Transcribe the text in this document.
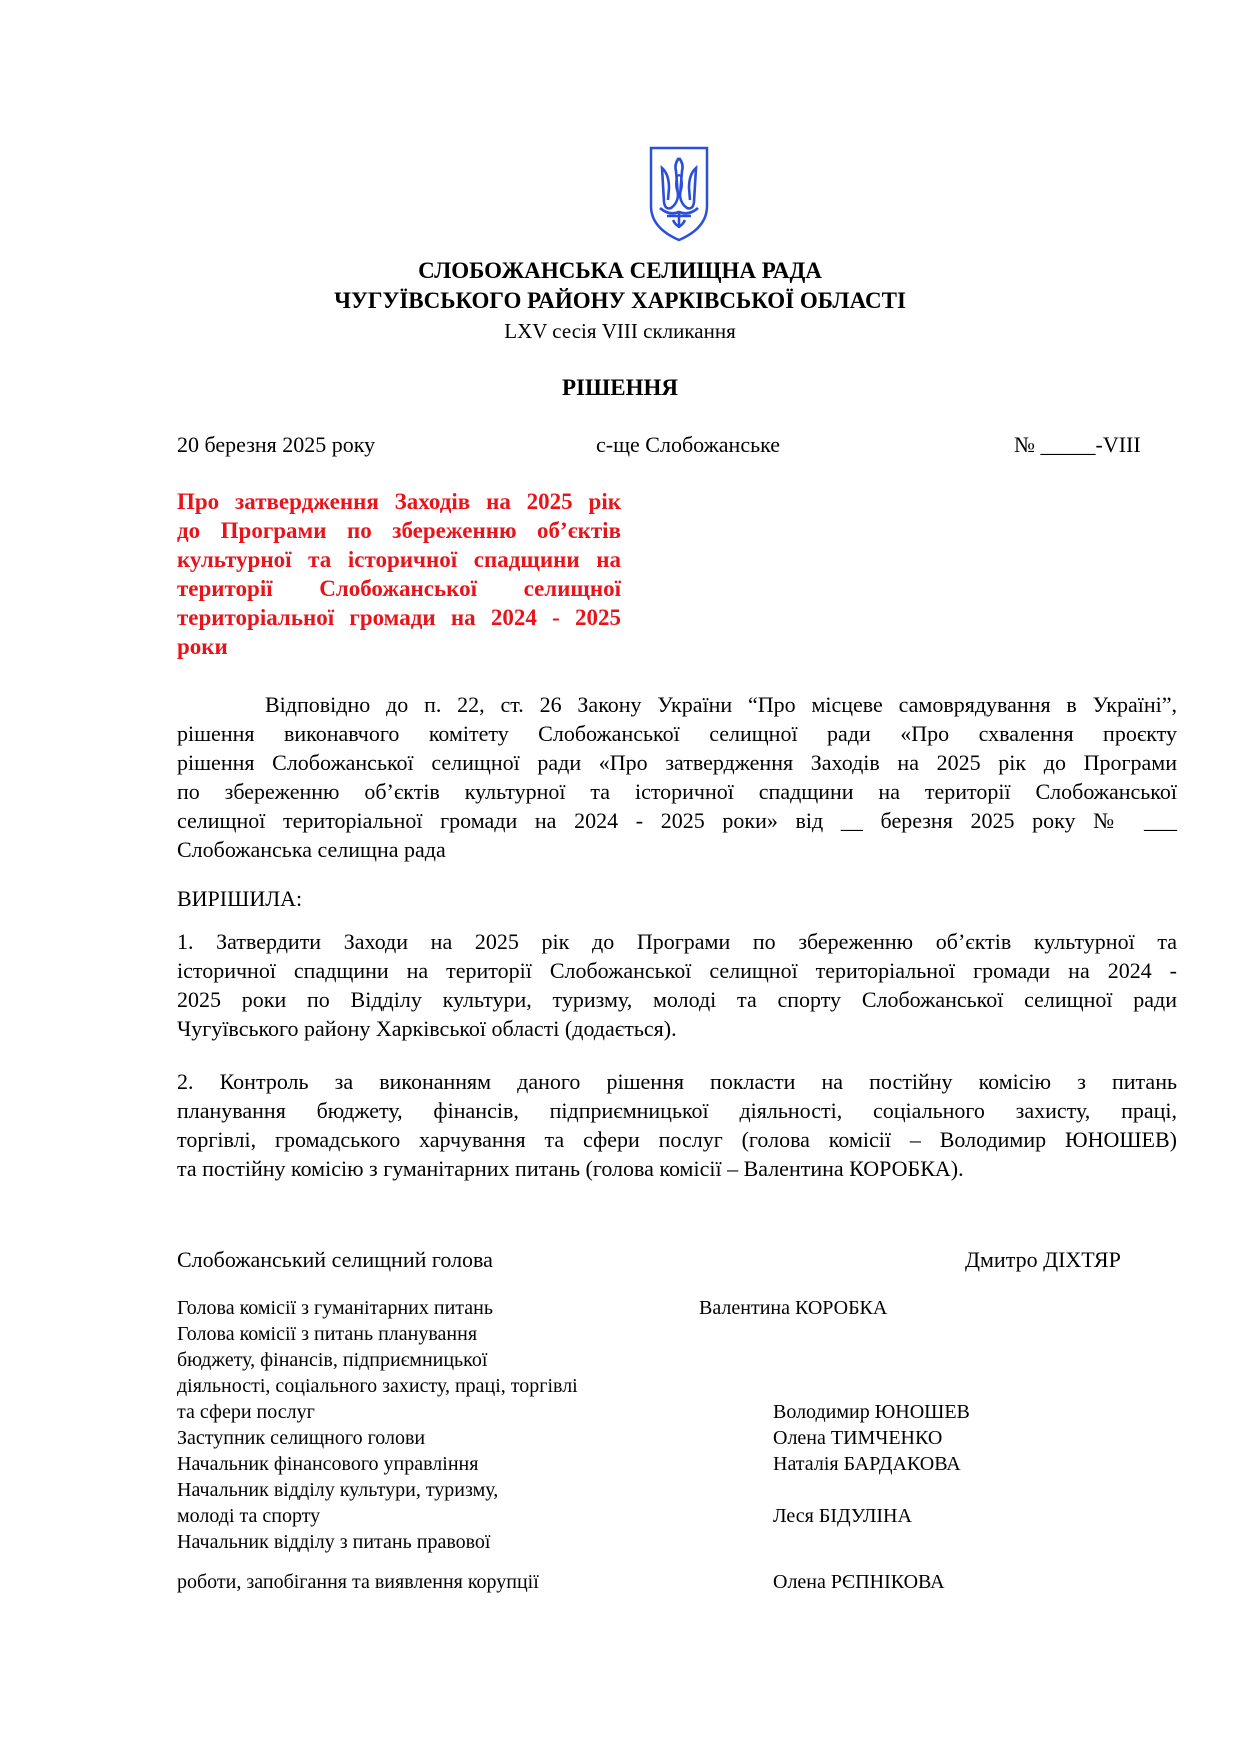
СЛОБОЖАНСЬКА СЕЛИЩНА РАДА
ЧУГУЇВСЬКОГО РАЙОНУ ХАРКІВСЬКОЇ ОБЛАСТІ
LXV сесія VIII скликання
РІШЕННЯ
20 березня 2025 року	с-ще Слобожанське	№ _____-VIII
Про затвердження Заходів на 2025 рік
до Програми по збереженню об’єктів
культурної та історичної спадщини на
території Слобожанської селищної
територіальної громади на 2024 - 2025
роки
Відповідно до п. 22, ст. 26 Закону України “Про місцеве самоврядування в Україні”,
рішення виконавчого комітету Слобожанської селищної ради «Про схвалення проєкту
рішення Слобожанської селищної ради «Про затвердження Заходів на 2025 рік до Програми
по збереженню об’єктів культурної та історичної спадщини на території Слобожанської
селищної територіальної громади на 2024 - 2025 роки» від __ березня 2025 року № ___
Слобожанська селищна рада
ВИРІШИЛА:
1. Затвердити Заходи на 2025 рік до Програми по збереженню об’єктів культурної та
історичної спадщини на території Слобожанської селищної територіальної громади на 2024 -
2025 роки по Відділу культури, туризму, молоді та спорту Слобожанської селищної ради
Чугуївського району Харківської області (додається).
2. Контроль за виконанням даного рішення покласти на постійну комісію з питань
планування бюджету, фінансів, підприємницької діяльності, соціального захисту, праці,
торгівлі, громадського харчування та сфери послуг (голова комісії – Володимир ЮНОШЕВ)
та постійну комісію з гуманітарних питань (голова комісії – Валентина КОРОБКА).
Слобожанський селищний голова	Дмитро ДІХТЯР
Голова комісії з гуманітарних питань	Валентина КОРОБКА
Голова комісії з питань планування
бюджету, фінансів, підприємницької
діяльності, соціального захисту, праці, торгівлі
та сфери послуг	Володимир ЮНОШЕВ
Заступник селищного голови	Олена ТИМЧЕНКО
Начальник фінансового управління	Наталія БАРДАКОВА
Начальник відділу культури, туризму,
молоді та спорту	Леся БІДУЛІНА
Начальник відділу з питань правової
роботи, запобігання та виявлення корупції	Олена РЄПНІКОВА
